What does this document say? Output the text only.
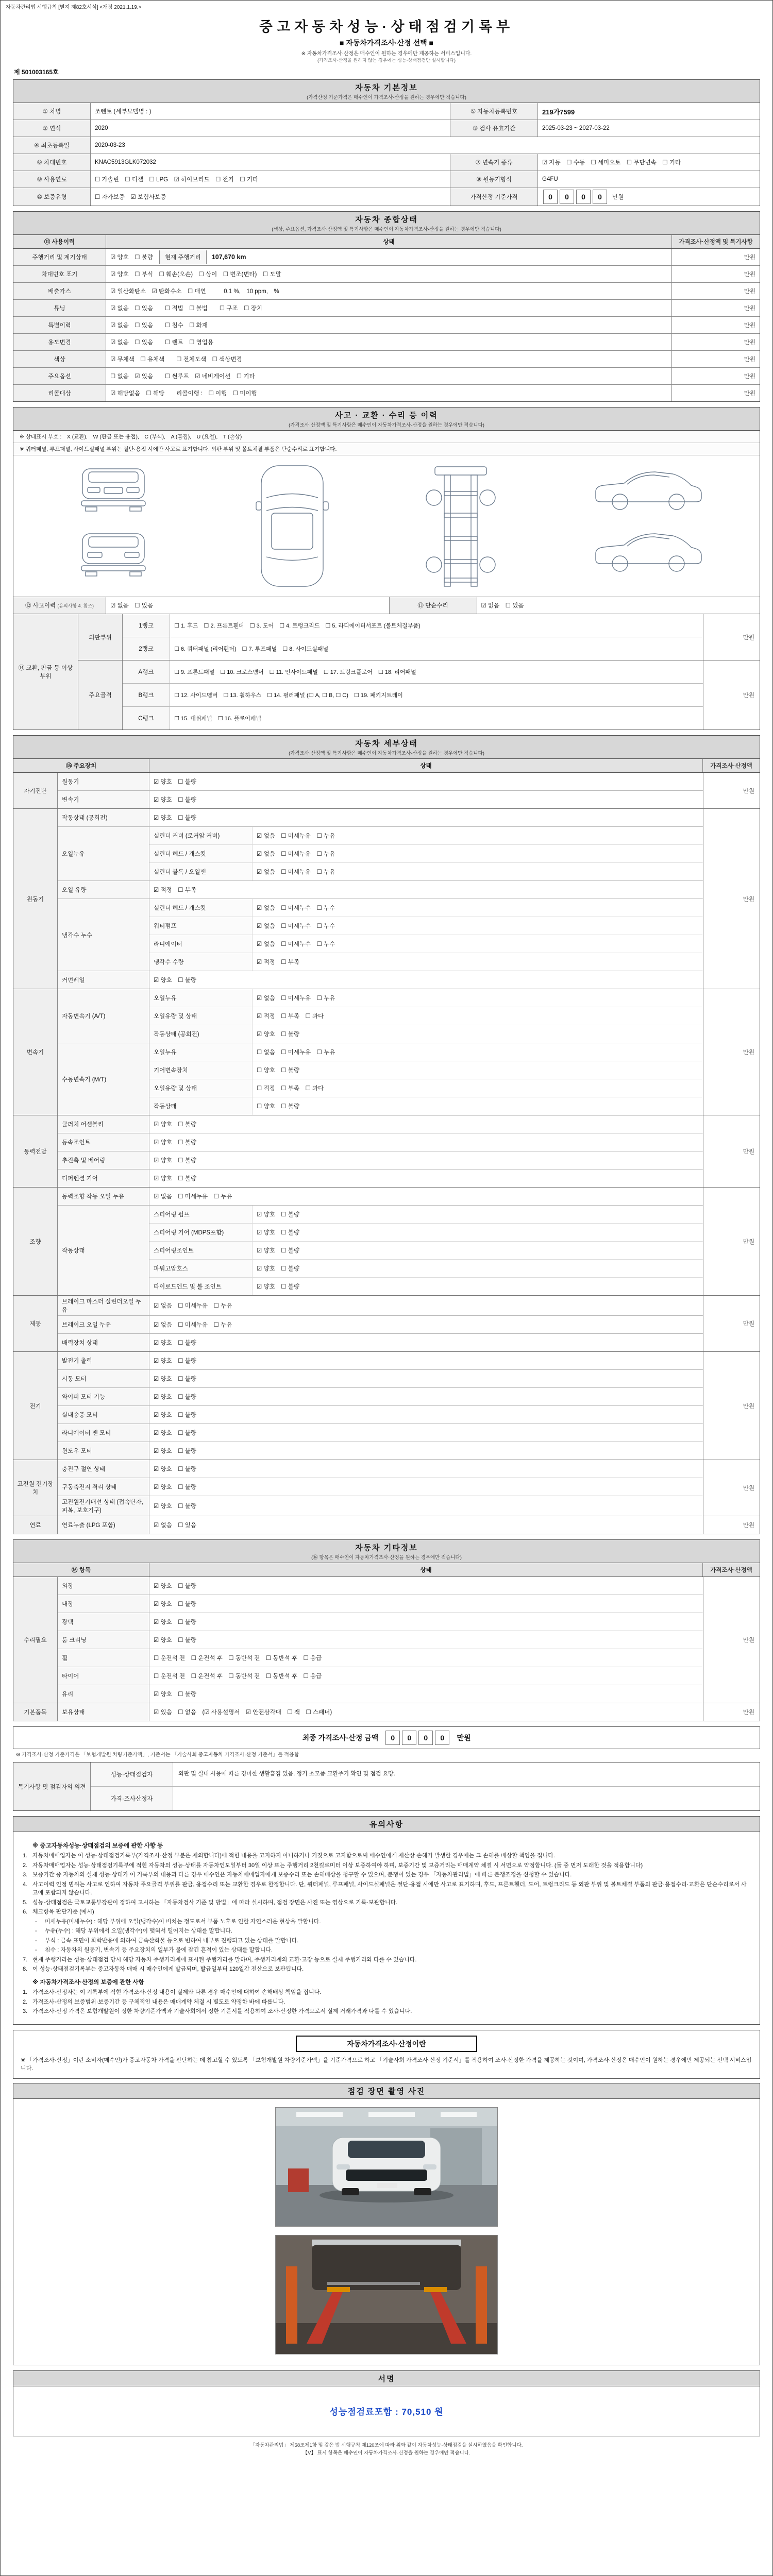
자동차관리법 시행규칙 [별지 제82호서식] <개정 2021.1.19.>
중고자동차성능·상태점검기록부
■ 자동차가격조사·산정 선택 ■
※ 자동차가격조사·산정은 매수인이 원하는 경우에만 제공하는 서비스입니다.
(가격조사·산정을 원하지 않는 경우에는 성능·상태점검만 실시합니다)
제 501003165호
자동차 기본정보
(가격산정 기준가격은 매수인이 가격조사·산정을 원하는 경우에만 적습니다)
① 차명	쏘렌토 (세부모델명 : )	⑤ 자동차등록번호	219가7599
② 연식	2020	③ 검사 유효기간	2025-03-23 ~ 2027-03-22
④ 최초등록일	2020-03-23
⑥ 차대번호	KNAC5913GLK072032	⑦ 변속기 종류	☑ 자동　☐ 수동　☐ 세미오토　☐ 무단변속　☐ 기타
⑧ 사용연료	☐ 가솔린　☐ 디젤　☐ LPG　☑ 하이브리드　☐ 전기　☐ 기타	⑨ 원동기형식	G4FU
⑩ 보증유형	☐ 자가보증　☑ 보험사보증	가격산정 기준가격	0	0	0	0	만원
자동차 종합상태
(색상, 주요옵션, 가격조사·산정액 및 특기사항은 매수인이 자동차가격조사·산정을 원하는 경우에만 적습니다)
⑪ 사용이력	상태	가격조사·산정액 및 특기사항
주행거리 및 계기상태	☑ 양호　☐ 불량	현재 주행거리	107,670 km	만원
차대번호 표기	☑ 양호　☐ 부식　☐ 훼손(오손)　☐ 상이　☐ 변조(변타)　☐ 도말	만원
배출가스	☑ 일산화탄소　☑ 탄화수소　☐ 매연　　　0.1 %,　10 ppm,　%	만원
튜닝	☑ 없음　☐ 있음　　☐ 적법　☐ 불법　　☐ 구조　☐ 장치	만원
특별이력	☑ 없음　☐ 있음　　☐ 침수　☐ 화재	만원
용도변경	☑ 없음　☐ 있음　　☐ 렌트　☐ 영업용	만원
색상	☑ 무채색　☐ 유채색　　☐ 전체도색　☐ 색상변경	만원
주요옵션	☐ 없음　☑ 있음　　☐ 썬루프　☑ 네비게이션　☐ 기타	만원
리콜대상	☑ 해당없음　☐ 해당　　리콜이행 :　☐ 이행　☐ 미이행	만원
사고 · 교환 · 수리 등 이력
(가격조사·산정액 및 특기사항은 매수인이 자동차가격조사·산정을 원하는 경우에만 적습니다)
※ 상태표시 부호 :　X (교환),　W (판금 또는 용접),　C (부식),　A (흠집),　U (요철),　T (손상)
※ 쿼터패널, 루프패널, 사이드실패널 부위는 절단·용접 시에만 사고로 표기합니다. 외판 부위 및 볼트체결 부품은 단순수리로 표기합니다.
⑫ 사고이력
(유의사항 4. 참조)	☑ 없음　☐ 있음	⑬ 단순수리	☑ 없음　☐ 있음
⑭ 교환, 판금 등 이상 부위
외판부위
1랭크	☐ 1. 후드　☐ 2. 프론트휀더　☐ 3. 도어　☐ 4. 트렁크리드　☐ 5. 라디에이터서포트 (볼트체결부품)
2랭크	☐ 6. 쿼터패널 (리어휀더)　☐ 7. 루프패널　☐ 8. 사이드실패널
만원
주요골격
A랭크	☐ 9. 프론트패널　☐ 10. 크로스멤버　☐ 11. 인사이드패널　☐ 17. 트렁크플로어　☐ 18. 리어패널
B랭크	☐ 12. 사이드멤버　☐ 13. 휠하우스　☐ 14. 필러패널 (☐ A, ☐ B, ☐ C)　☐ 19. 패키지트레이
C랭크	☐ 15. 대쉬패널　☐ 16. 플로어패널
만원
자동차 세부상태
(가격조사·산정액 및 특기사항은 매수인이 자동차가격조사·산정을 원하는 경우에만 적습니다)
⑮ 주요장치	상태	가격조사·산정액
자기진단
원동기	☑ 양호　☐ 불량
변속기	☑ 양호　☐ 불량
만원
원동기
작동상태 (공회전)	☑ 양호　☐ 불량
오일누유
실린더 커버 (로커암 커버)	☑ 없음　☐ 미세누유　☐ 누유
실린더 헤드 / 개스킷	☑ 없음　☐ 미세누유　☐ 누유
실린더 블록 / 오일팬	☑ 없음　☐ 미세누유　☐ 누유
오일 유량	☑ 적정　☐ 부족
냉각수 누수
실린더 헤드 / 개스킷	☑ 없음　☐ 미세누수　☐ 누수
워터펌프	☑ 없음　☐ 미세누수　☐ 누수
라디에이터	☑ 없음　☐ 미세누수　☐ 누수
냉각수 수량	☑ 적정　☐ 부족
커먼레일	☑ 양호　☐ 불량
만원
변속기
자동변속기 (A/T)
오일누유	☑ 없음　☐ 미세누유　☐ 누유
오일유량 및 상태	☑ 적정　☐ 부족　☐ 과다
작동상태 (공회전)	☑ 양호　☐ 불량
수동변속기 (M/T)
오일누유	☐ 없음　☐ 미세누유　☐ 누유
기어변속장치	☐ 양호　☐ 불량
오일유량 및 상태	☐ 적정　☐ 부족　☐ 과다
작동상태	☐ 양호　☐ 불량
만원
동력전달
클러치 어셈블리	☑ 양호　☐ 불량
등속조인트	☑ 양호　☐ 불량
추진축 및 베어링	☑ 양호　☐ 불량
디퍼렌셜 기어	☑ 양호　☐ 불량
만원
조향
동력조향 작동 오일 누유	☑ 없음　☐ 미세누유　☐ 누유
작동상태
스티어링 펌프	☑ 양호　☐ 불량
스티어링 기어 (MDPS포함)	☑ 양호　☐ 불량
스티어링조인트	☑ 양호　☐ 불량
파워고압호스	☑ 양호　☐ 불량
타이로드엔드 및 볼 조인트	☑ 양호　☐ 불량
만원
제동
브레이크 마스터 실린더오일 누유
☑ 없음　☐ 미세누유　☐ 누유
브레이크 오일 누유	☑ 없음　☐ 미세누유　☐ 누유
배력장치 상태	☑ 양호　☐ 불량
만원
전기
발전기 출력	☑ 양호　☐ 불량
시동 모터	☑ 양호　☐ 불량
와이퍼 모터 기능	☑ 양호　☐ 불량
실내송풍 모터	☑ 양호　☐ 불량
라디에이터 팬 모터	☑ 양호　☐ 불량
윈도우 모터	☑ 양호　☐ 불량
만원
고전원 전기장치
충전구 절연 상태	☑ 양호　☐ 불량
구동축전지 격리 상태	☑ 양호　☐ 불량
고전원전기배선 상태 (접속단자, 피복, 보호기구)
☑ 양호　☐ 불량
만원
연료	연료누출 (LPG 포함)	☑ 없음　☐ 있음	만원
자동차 기타정보
(⑯ 항목은 매수인이 자동차가격조사·산정을 원하는 경우에만 적습니다)
⑯ 항목	상태	가격조사·산정액
수리필요
외장	☑ 양호　☐ 불량
내장	☑ 양호　☐ 불량
광택	☑ 양호　☐ 불량
룸 크리닝	☑ 양호　☐ 불량
휠	☐ 운전석 전　☐ 운전석 후　☐ 동반석 전　☐ 동반석 후　☐ 응급
타이어	☐ 운전석 전　☐ 운전석 후　☐ 동반석 전　☐ 동반석 후　☐ 응급
유리	☑ 양호　☐ 불량
만원
기본품목	보유상태	☑ 있음　☐ 없음　(☑ 사용설명서　☑ 안전삼각대　☐ 잭　☐ 스패너)	만원
최종 가격조사·산정 금액	0	0	0	0	만원
※ 가격조사·산정 기준가격은 「보험개발원 차량기준가액」, 기준서는 「기술사회 중고자동차 가격조사·산정 기준서」를 적용함
특기사항 및 점검자의 의견
성능·상태점검자	외판 및 실내 사용에 따른 경미한 생활흠집 있음. 정기 소모품 교환주기 확인 및 점검 요망.
가격·조사산정자
유의사항
※ 중고자동차성능·상태점검의 보증에 관한 사항 등
1. 자동차매매업자는 이 성능·상태점검기록부(가격조사·산정 부분은 제외합니다)에 적힌 내용을 고지하지 아니하거나 거짓으로 고지함으로써 매수인에게 재산상 손해가 발생한 경우에는 그 손해를 배상할 책임을 집니다.
2. 자동차매매업자는 성능·상태점검기록부에 적힌 자동차의 성능·상태를 자동차인도일부터 30일 이상 또는 주행거리 2천킬로미터 이상 보증하여야 하며, 보증기간 및 보증거리는 매매계약 체결 시 서면으로 약정합니다. (둘 중 먼저 도래한 것을 적용합니다)
3. 보증기간 중 자동차의 실제 성능·상태가 이 기록부의 내용과 다른 경우 매수인은 자동차매매업자에게 보증수리 또는 손해배상을 청구할 수 있으며, 분쟁이 있는 경우 「자동차관리법」에 따른 분쟁조정을 신청할 수 있습니다.
4. 사고이력 인정 범위는 사고로 인하여 자동차 주요골격 부위를 판금, 용접수리 또는 교환한 경우로 한정합니다. 단, 쿼터패널, 루프패널, 사이드실패널은 절단·용접 시에만 사고로 표기하며, 후드, 프론트휀더, 도어, 트렁크리드 등 외판 부위 및 볼트체결 부품의 판금·용접수리·교환은 단순수리로서 사고에 포함되지 않습니다.
5. 성능·상태점검은 국토교통부장관이 정하여 고시하는 「자동차검사 기준 및 방법」에 따라 실시하며, 점검 장면은 사진 또는 영상으로 기록·보관합니다.
6. 체크항목 판단기준 (예시)
-	미세누유(미세누수) : 해당 부위에 오일(냉각수)이 비치는 정도로서 부품 노후로 인한 자연스러운 현상을 말합니다.
-	누유(누수) : 해당 부위에서 오일(냉각수)이 맺혀서 떨어지는 상태를 말합니다.
-	부식 : 금속 표면이 화학반응에 의하여 금속산화물 등으로 변하여 내부로 진행되고 있는 상태를 말합니다.
-	침수 : 자동차의 원동기, 변속기 등 주요장치의 일부가 물에 잠긴 흔적이 있는 상태를 말합니다.
7. 현재 주행거리는 성능·상태점검 당시 해당 자동차 주행거리계에 표시된 주행거리를 말하며, 주행거리계의 교환·고장 등으로 실제 주행거리와 다를 수 있습니다.
8. 이 성능·상태점검기록부는 중고자동차 매매 시 매수인에게 발급되며, 발급일부터 120일간 전산으로 보관됩니다.
※ 자동차가격조사·산정의 보증에 관한 사항
1. 가격조사·산정자는 이 기록부에 적힌 가격조사·산정 내용이 실제와 다른 경우 매수인에 대하여 손해배상 책임을 집니다.
2. 가격조사·산정의 보증범위·보증기간 등 구체적인 내용은 매매계약 체결 시 별도로 약정한 바에 따릅니다.
3. 가격조사·산정 가격은 보험개발원이 정한 차량기준가액과 기술사회에서 정한 기준서를 적용하여 조사·산정한 가격으로서 실제 거래가격과 다를 수 있습니다.
자동차가격조사·산정이란
※ 「가격조사·산정」이란 소비자(매수인)가 중고자동차 가격을 판단하는 데 참고할 수 있도록 「보험개발원 차량기준가액」을 기준가격으로 하고 「기술사회 가격조사·산정 기준서」를 적용하여 조사·산정한 가격을 제공하는 것이며, 가격조사·산정은 매수인이 원하는 경우에만 제공되는 선택 서비스입니다.
점검 장면 촬영 사진
서명
성능점검료포함 : 70,510 원
「자동차관리법」 제58조제1항 및 같은 법 시행규칙 제120조에 따라 위와 같이 자동차성능·상태점검을 실시하였음을 확인합니다.
【Ⅴ】 표시 항목은 매수인이 자동차가격조사·산정을 원하는 경우에만 적습니다.
